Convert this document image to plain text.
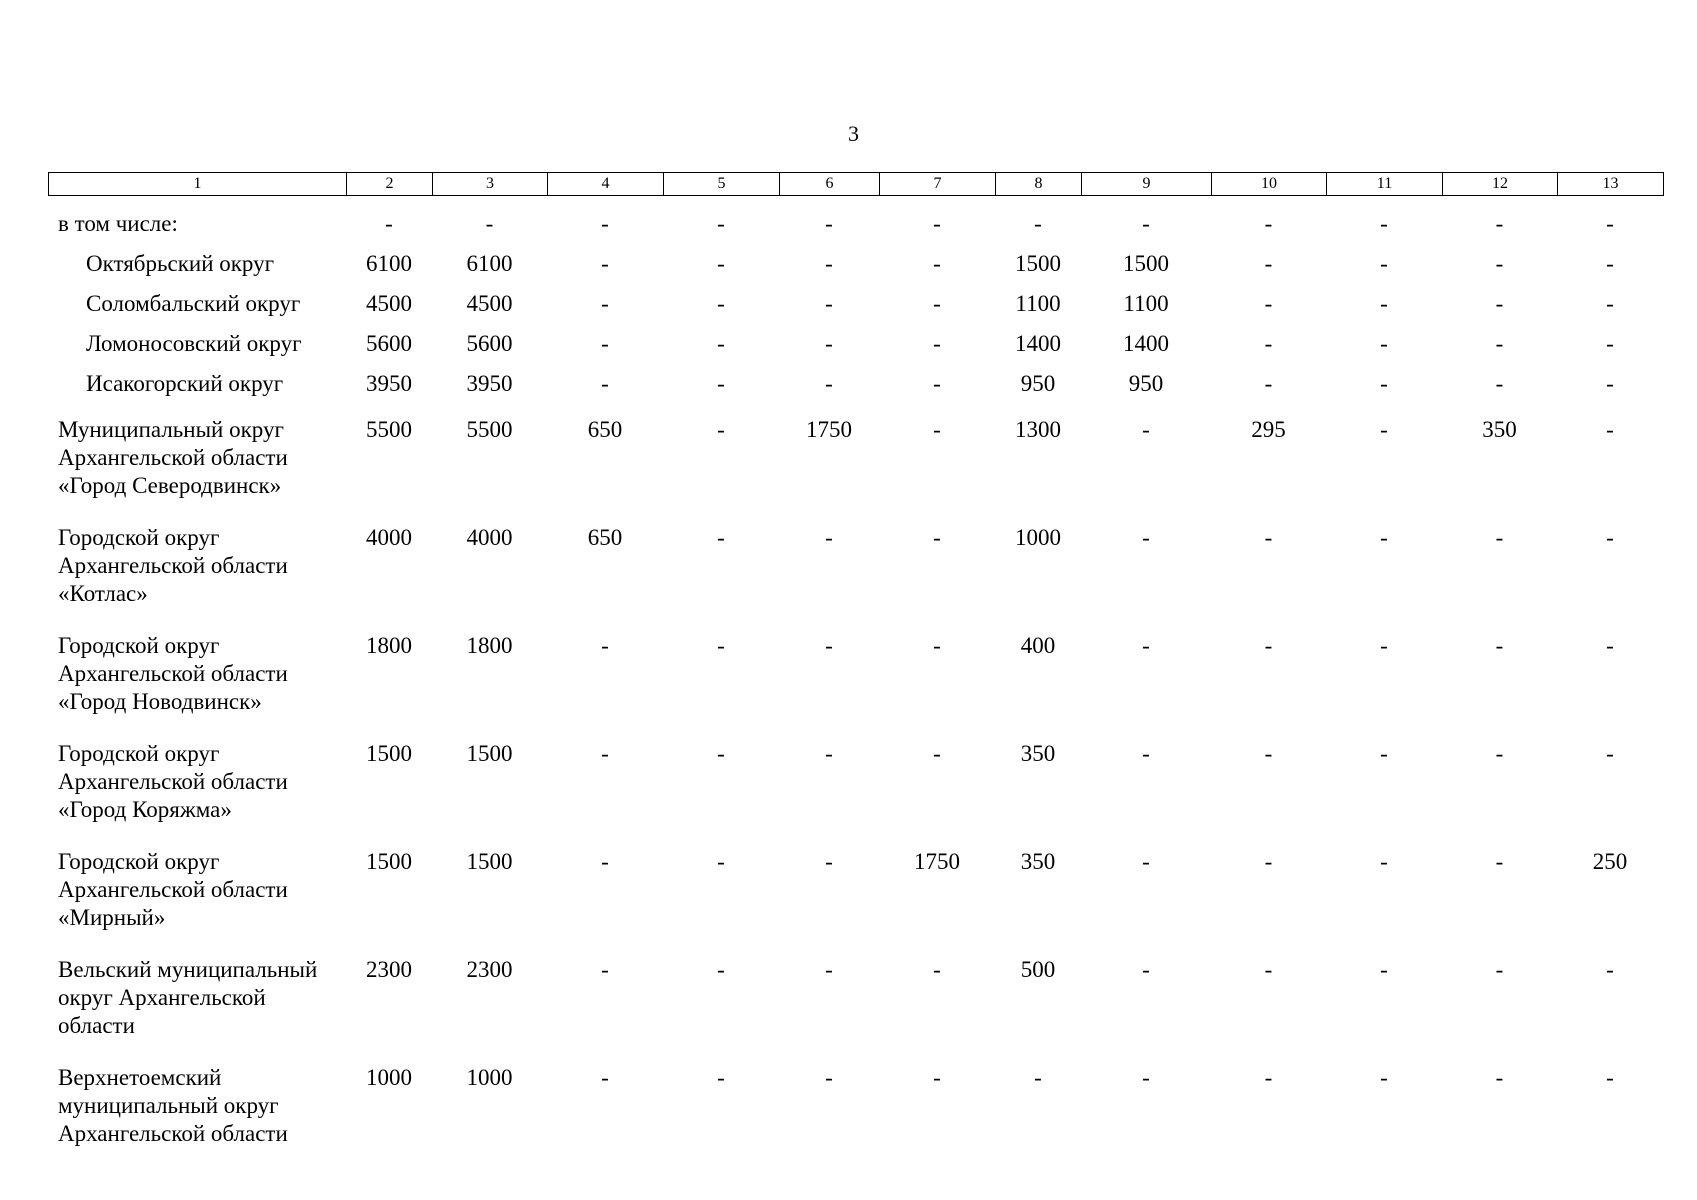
3
1	2	3	4	5	6	7	8	9	10	11	12	13
в том числе:	-	-	-	-	-	-	-	-	-	-	-	-
Октябрьский округ	6100	6100	-	-	-	-	1500	1500	-	-	-	-
Соломбальский округ	4500	4500	-	-	-	-	1100	1100	-	-	-	-
Ломоносовский округ	5600	5600	-	-	-	-	1400	1400	-	-	-	-
Исакогорский округ	3950	3950	-	-	-	-	950	950	-	-	-	-
Муниципальный округ Архангельской области «Город Северодвинск»	5500	5500	650	-	1750	-	1300	-	295	-	350	-
Городской округ Архангельской области «Котлас»	4000	4000	650	-	-	-	1000	-	-	-	-	-
Городской округ Архангельской области «Город Новодвинск»	1800	1800	-	-	-	-	400	-	-	-	-	-
Городской округ Архангельской области «Город Коряжма»	1500	1500	-	-	-	-	350	-	-	-	-	-
Городской округ Архангельской области «Мирный»	1500	1500	-	-	-	1750	350	-	-	-	-	250
Вельский муниципальный округ Архангельской области	2300	2300	-	-	-	-	500	-	-	-	-	-
Верхнетоемский муниципальный округ Архангельской области	1000	1000	-	-	-	-	-	-	-	-	-	-
